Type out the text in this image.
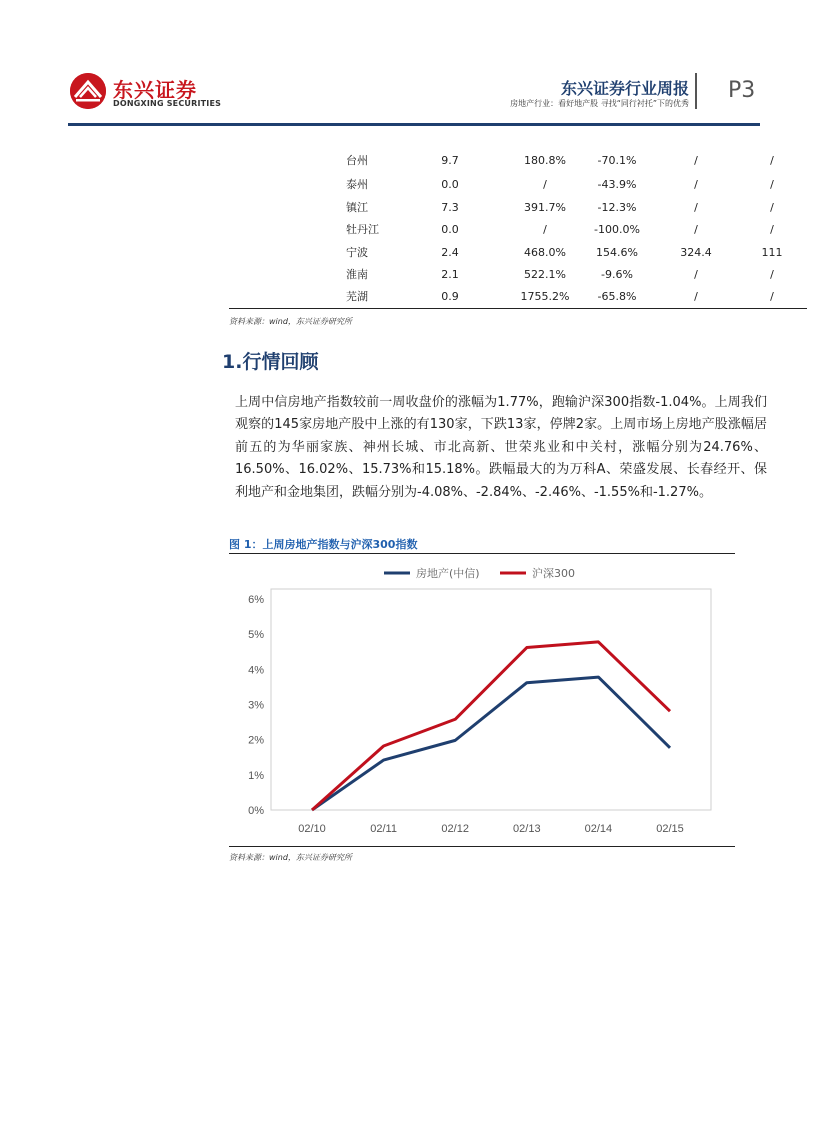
东兴证券
DONGXING SECURITIES
东兴证券行业周报
房地产行业：看好地产股 寻找“同行衬托”下的优秀
P3
台州	9.7	180.8%	-70.1%	/	/
泰州	0.0	/	-43.9%	/	/
镇江	7.3	391.7%	-12.3%	/	/
牡丹江	0.0	/	-100.0%	/	/
宁波	2.4	468.0%	154.6%	324.4	111
淮南	2.1	522.1%	-9.6%	/	/
芜湖	0.9	1755.2%	-65.8%	/	/
资料来源：wind，东兴证券研究所
1.行情回顾
上周中信房地产指数较前一周收盘价的涨幅为1.77%，跑输沪深300指数-1.04%。上周我们观察的145家房地产股中上涨的有130家，下跌13家，停牌2家。上周市场上房地产股涨幅居前五的为华丽家族、神州长城、市北高新、世荣兆业和中关村，涨幅分别为24.76%、16.50%、16.02%、15.73%和15.18%。跌幅最大的为万科A、荣盛发展、长春经开、保利地产和金地集团，跌幅分别为-4.08%、-2.84%、-2.46%、-1.55%和-1.27%。
图 1：上周房地产指数与沪深300指数
0%
1%
2%
3%
4%
5%
6%
02/10	02/11	02/12	02/13	02/14	02/15
房地产(中信)	沪深300
资料来源：wind，东兴证券研究所
